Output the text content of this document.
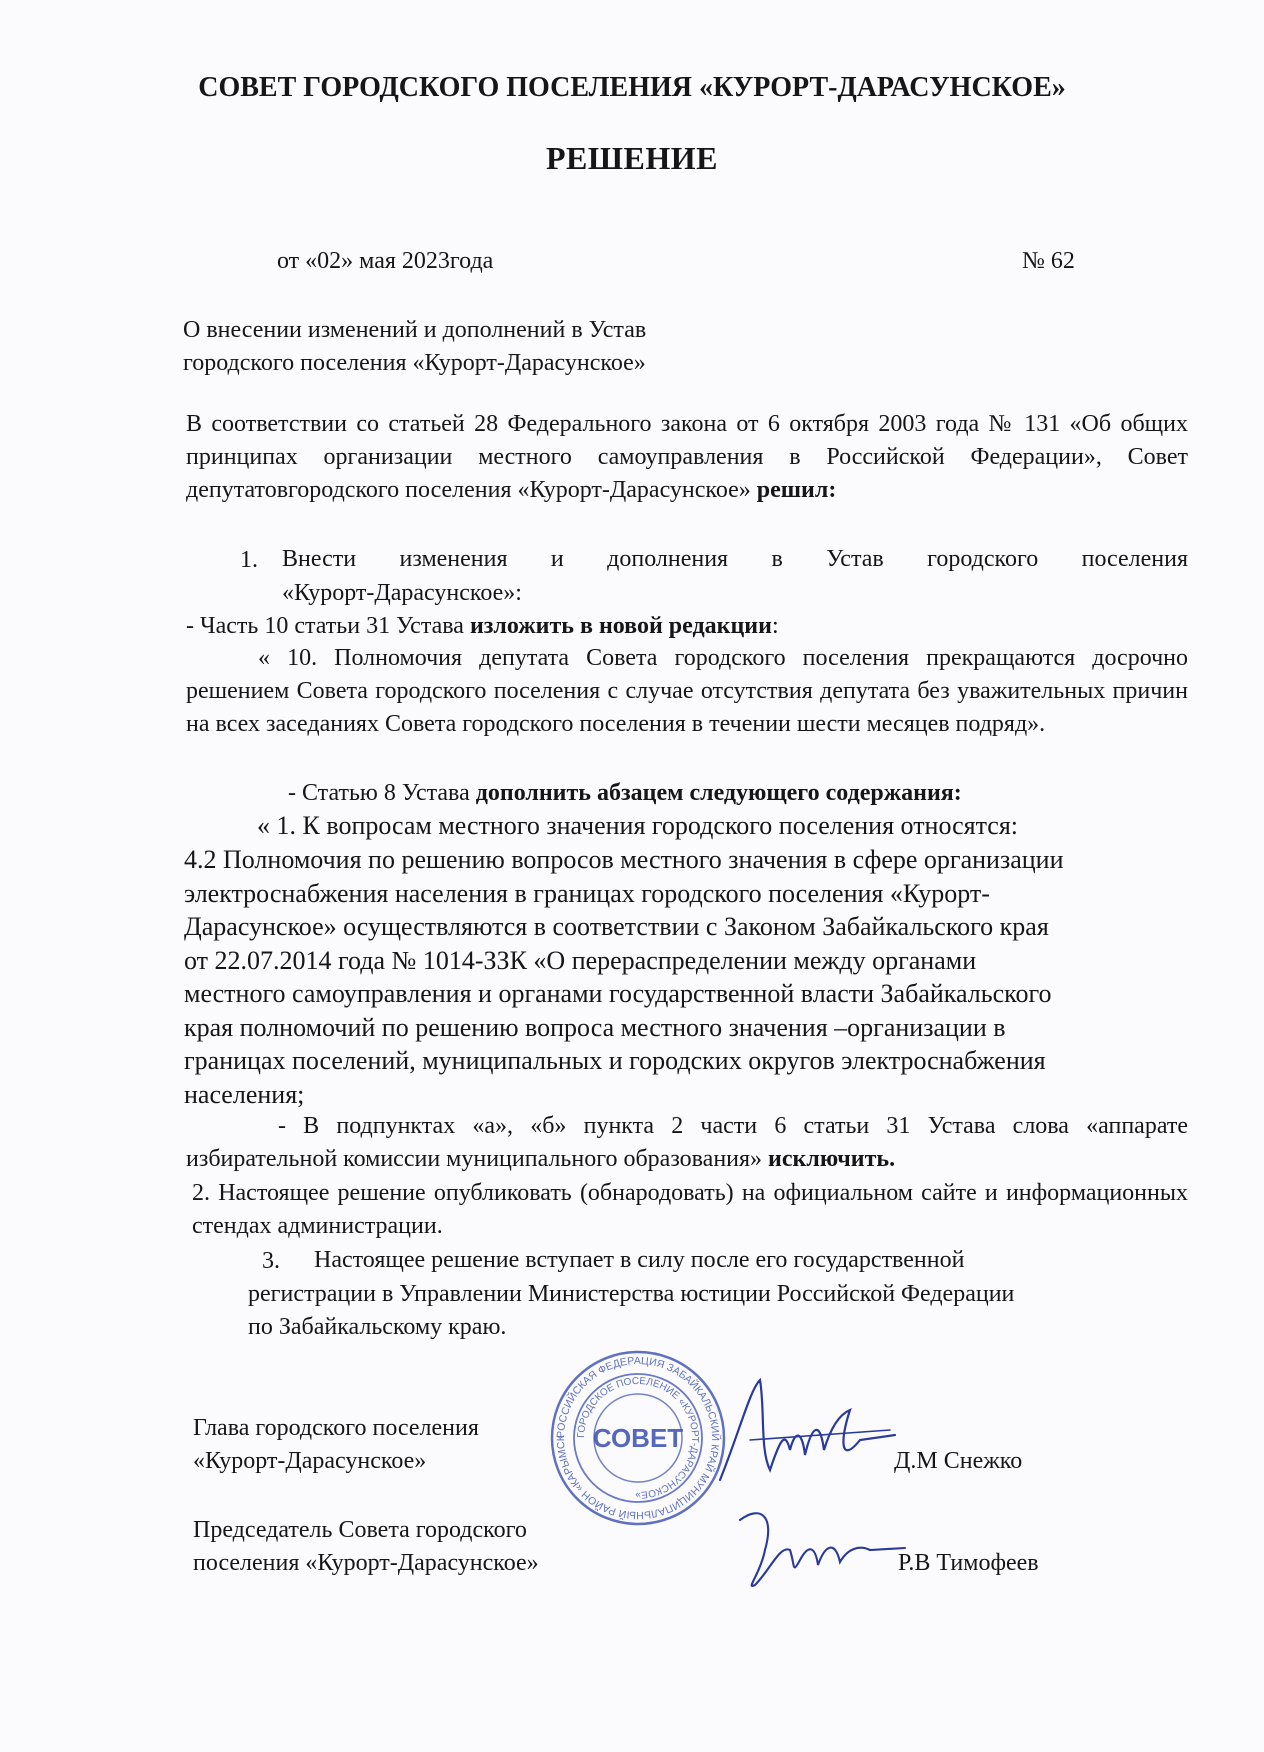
СОВЕТ ГОРОДСКОГО ПОСЕЛЕНИЯ «КУРОРТ-ДАРАСУНСКОЕ»
РЕШЕНИЕ
от «02» мая 2023года	№ 62
О внесении изменений и дополнений в Устав
городского поселения «Курорт-Дарасунское»
В соответствии со статьей 28 Федерального закона от 6 октября 2003 года № 131 «Об общих принципах организации местного самоуправления в Российской Федерации», Совет депутатовгородского поселения «Курорт-Дарасунское» решил:
1. Внести изменения и дополнения в Устав городского поселения
«Курорт-Дарасунское»:
- Часть 10 статьи 31 Устава изложить в новой редакции:
« 10. Полномочия депутата Совета городского поселения прекращаются досрочно решением Совета городского поселения с случае отсутствия депутата без уважительных причин на всех заседаниях Совета городского поселения в течении шести месяцев подряд».
- Статью 8 Устава дополнить абзацем следующего содержания:
« 1. К вопросам местного значения городского поселения относятся:
4.2 Полномочия по решению вопросов местного значения в сфере организации
электроснабжения населения в границах городского поселения «Курорт-
Дарасунское» осуществляются в соответствии с Законом Забайкальского края
от 22.07.2014 года № 1014-ЗЗК «О перераспределении между органами
местного самоуправления и органами государственной власти Забайкальского
края полномочий по решению вопроса местного значения –организации в
границах поселений, муниципальных и городских округов электроснабжения
населения;
- В подпунктах «а», «б» пункта 2 части 6 статьи 31 Устава слова «аппарате избирательной комиссии муниципального образования» исключить.
2. Настоящее решение опубликовать (обнародовать) на официальном сайте и информационных стендах администрации.
3.	Настоящее решение вступает в силу после его государственной
регистрации в Управлении Министерства юстиции Российской Федерации
по Забайкальскому краю.
Глава городского поселения
«Курорт-Дарасунское»	Д.М Снежко
Председатель Совета городского
поселения «Курорт-Дарасунское»	Р.В Тимофеев
РОССИЙСКАЯ ФЕДЕРАЦИЯ ЗАБАЙКАЛЬСКИЙ КРАЙ МУНИЦИПАЛЬНЫЙ РАЙОН «КАРЫМСК ГОРОДСКОЕ ПОСЕЛЕНИЕ «КУРОРТ-ДАРАСУНСКОЕ»
СОВЕТ
